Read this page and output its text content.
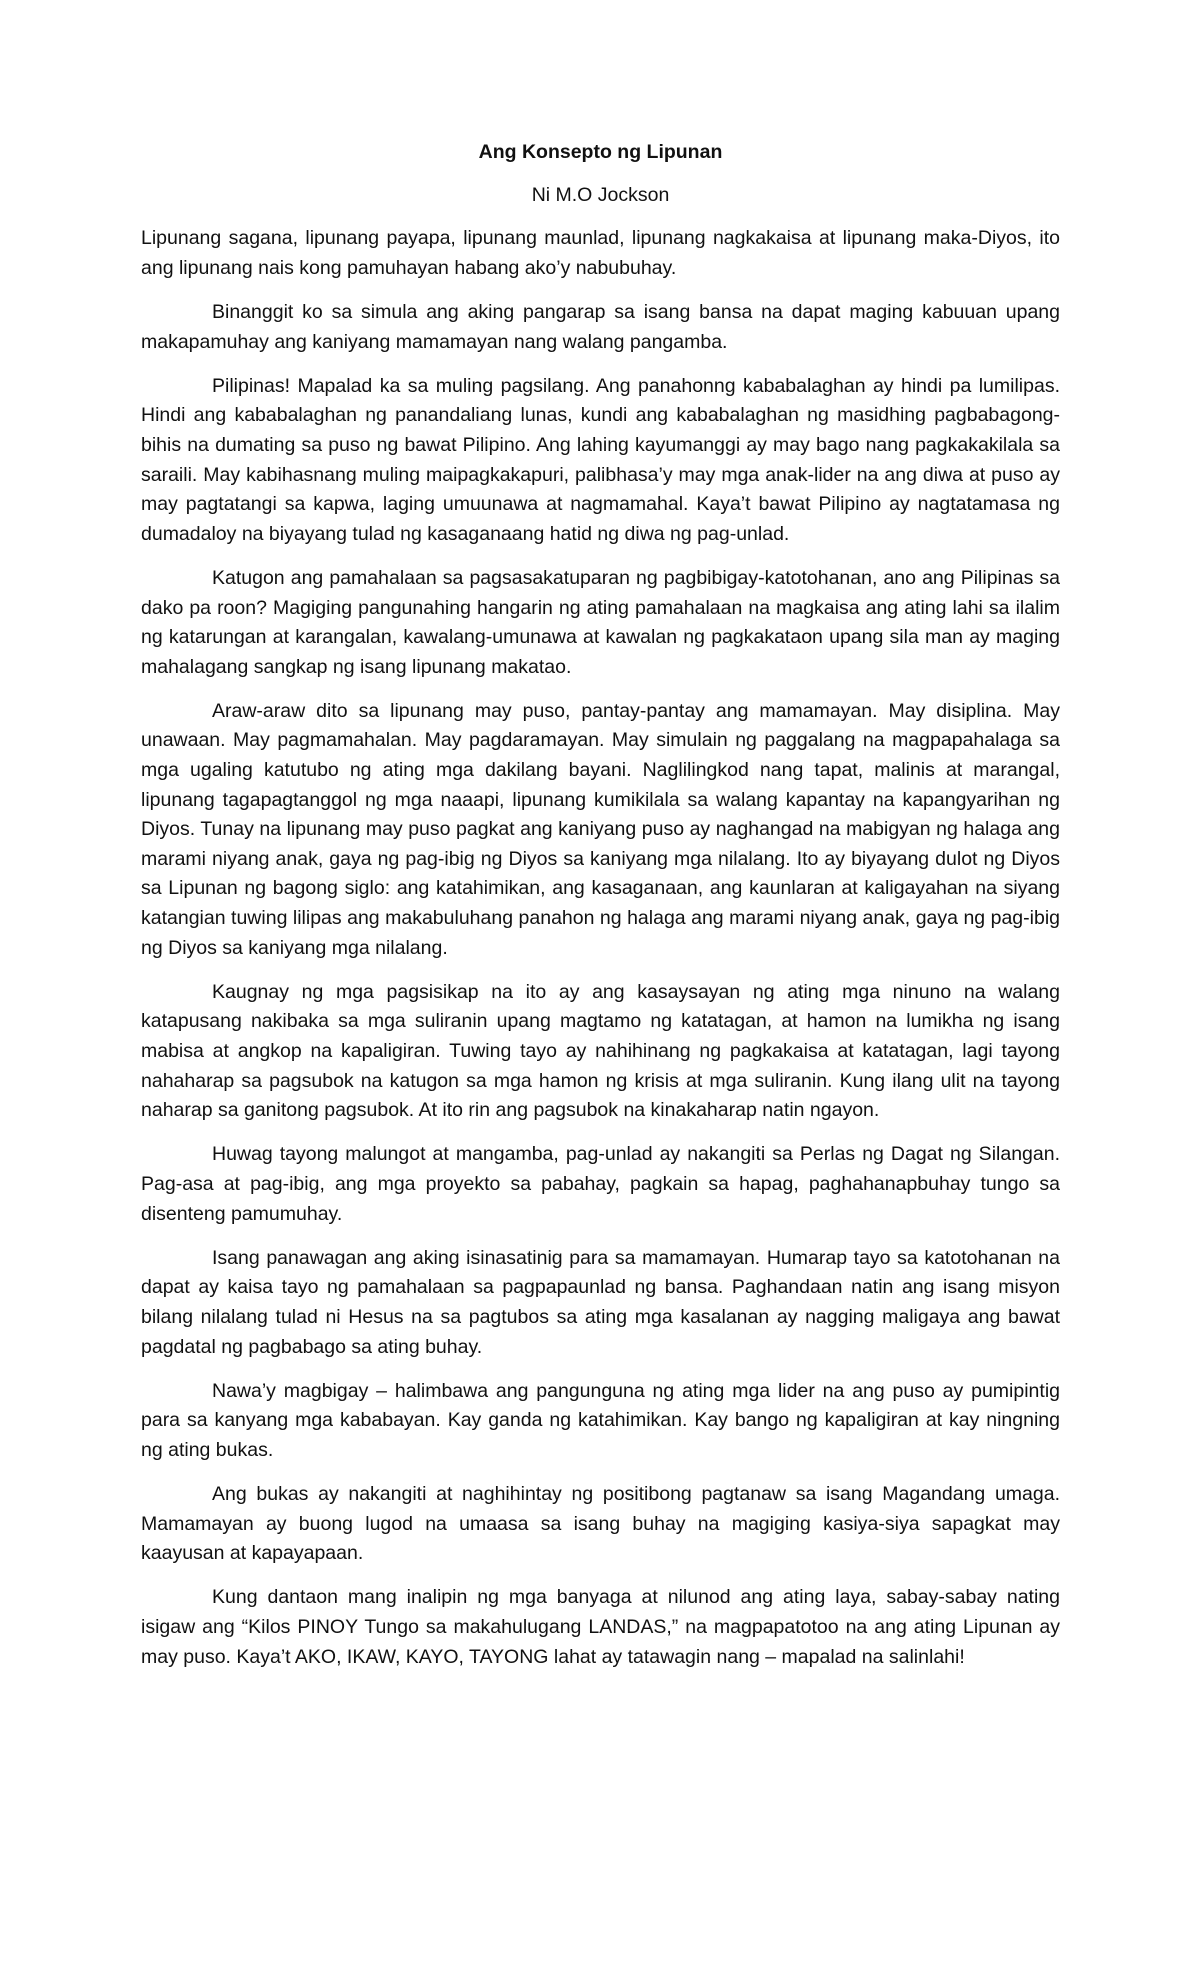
Ang Konsepto ng Lipunan
Ni M.O Jockson

Lipunang sagana, lipunang payapa, lipunang maunlad, lipunang nagkakaisa at lipunang maka-Diyos, ito ang lipunang nais kong pamuhayan habang ako’y nabubuhay.

Binanggit ko sa simula ang aking pangarap sa isang bansa na dapat maging kabuuan upang makapamuhay ang kaniyang mamamayan nang walang pangamba.

Pilipinas! Mapalad ka sa muling pagsilang. Ang panahonng kababalaghan ay hindi pa lumilipas. Hindi ang kababalaghan ng panandaliang lunas, kundi ang kababalaghan ng masidhing pagbabagong-bihis na dumating sa puso ng bawat Pilipino. Ang lahing kayumanggi ay may bago nang pagkakakilala sa saraili. May kabihasnang muling maipagkakapuri, palibhasa’y may mga anak-lider na ang diwa at puso ay may pagtatangi sa kapwa, laging umuunawa at nagmamahal. Kaya’t bawat Pilipino ay nagtatamasa ng dumadaloy na biyayang tulad ng kasaganaang hatid ng diwa ng pag-unlad.

Katugon ang pamahalaan sa pagsasakatuparan ng pagbibigay-katotohanan, ano ang Pilipinas sa dako pa roon? Magiging pangunahing hangarin ng ating pamahalaan na magkaisa ang ating lahi sa ilalim ng katarungan at karangalan, kawalang-umunawa at kawalan ng pagkakataon upang sila man ay maging mahalagang sangkap ng isang lipunang makatao.

Araw-araw dito sa lipunang may puso, pantay-pantay ang mamamayan. May disiplina. May unawaan. May pagmamahalan. May pagdaramayan. May simulain ng paggalang na magpapahalaga sa mga ugaling katutubo ng ating mga dakilang bayani. Naglilingkod nang tapat, malinis at marangal, lipunang tagapagtanggol ng mga naaapi, lipunang kumikilala sa walang kapantay na kapangyarihan ng Diyos. Tunay na lipunang may puso pagkat ang kaniyang puso ay naghangad na mabigyan ng halaga ang marami niyang anak, gaya ng pag-ibig ng Diyos sa kaniyang mga nilalang. Ito ay biyayang dulot ng Diyos sa Lipunan ng bagong siglo: ang katahimikan, ang kasaganaan, ang kaunlaran at kaligayahan na siyang katangian tuwing lilipas ang makabuluhang panahon ng halaga ang marami niyang anak, gaya ng pag-ibig ng Diyos sa kaniyang mga nilalang.

Kaugnay ng mga pagsisikap na ito ay ang kasaysayan ng ating mga ninuno na walang katapusang nakibaka sa mga suliranin upang magtamo ng katatagan, at hamon na lumikha ng isang mabisa at angkop na kapaligiran. Tuwing tayo ay nahihinang ng pagkakaisa at katatagan, lagi tayong nahaharap sa pagsubok na katugon sa mga hamon ng krisis at mga suliranin. Kung ilang ulit na tayong naharap sa ganitong pagsubok. At ito rin ang pagsubok na kinakaharap natin ngayon.

Huwag tayong malungot at mangamba, pag-unlad ay nakangiti sa Perlas ng Dagat ng Silangan. Pag-asa at pag-ibig, ang mga proyekto sa pabahay, pagkain sa hapag, paghahanapbuhay tungo sa disenteng pamumuhay.

Isang panawagan ang aking isinasatinig para sa mamamayan. Humarap tayo sa katotohanan na dapat ay kaisa tayo ng pamahalaan sa pagpapaunlad ng bansa. Paghandaan natin ang isang misyon bilang nilalang tulad ni Hesus na sa pagtubos sa ating mga kasalanan ay nagging maligaya ang bawat pagdatal ng pagbabago sa ating buhay.

Nawa’y magbigay – halimbawa ang pangunguna ng ating mga lider na ang puso ay pumipintig para sa kanyang mga kababayan. Kay ganda ng katahimikan. Kay bango ng kapaligiran at kay ningning ng ating bukas.

Ang bukas ay nakangiti at naghihintay ng positibong pagtanaw sa isang Magandang umaga. Mamamayan ay buong lugod na umaasa sa isang buhay na magiging kasiya-siya sapagkat may kaayusan at kapayapaan.

Kung dantaon mang inalipin ng mga banyaga at nilunod ang ating laya, sabay-sabay nating isigaw ang “Kilos PINOY Tungo sa makahulugang LANDAS,” na magpapatotoo na ang ating Lipunan ay may puso. Kaya’t AKO, IKAW, KAYO, TAYONG lahat ay tatawagin nang – mapalad na salinlahi!
